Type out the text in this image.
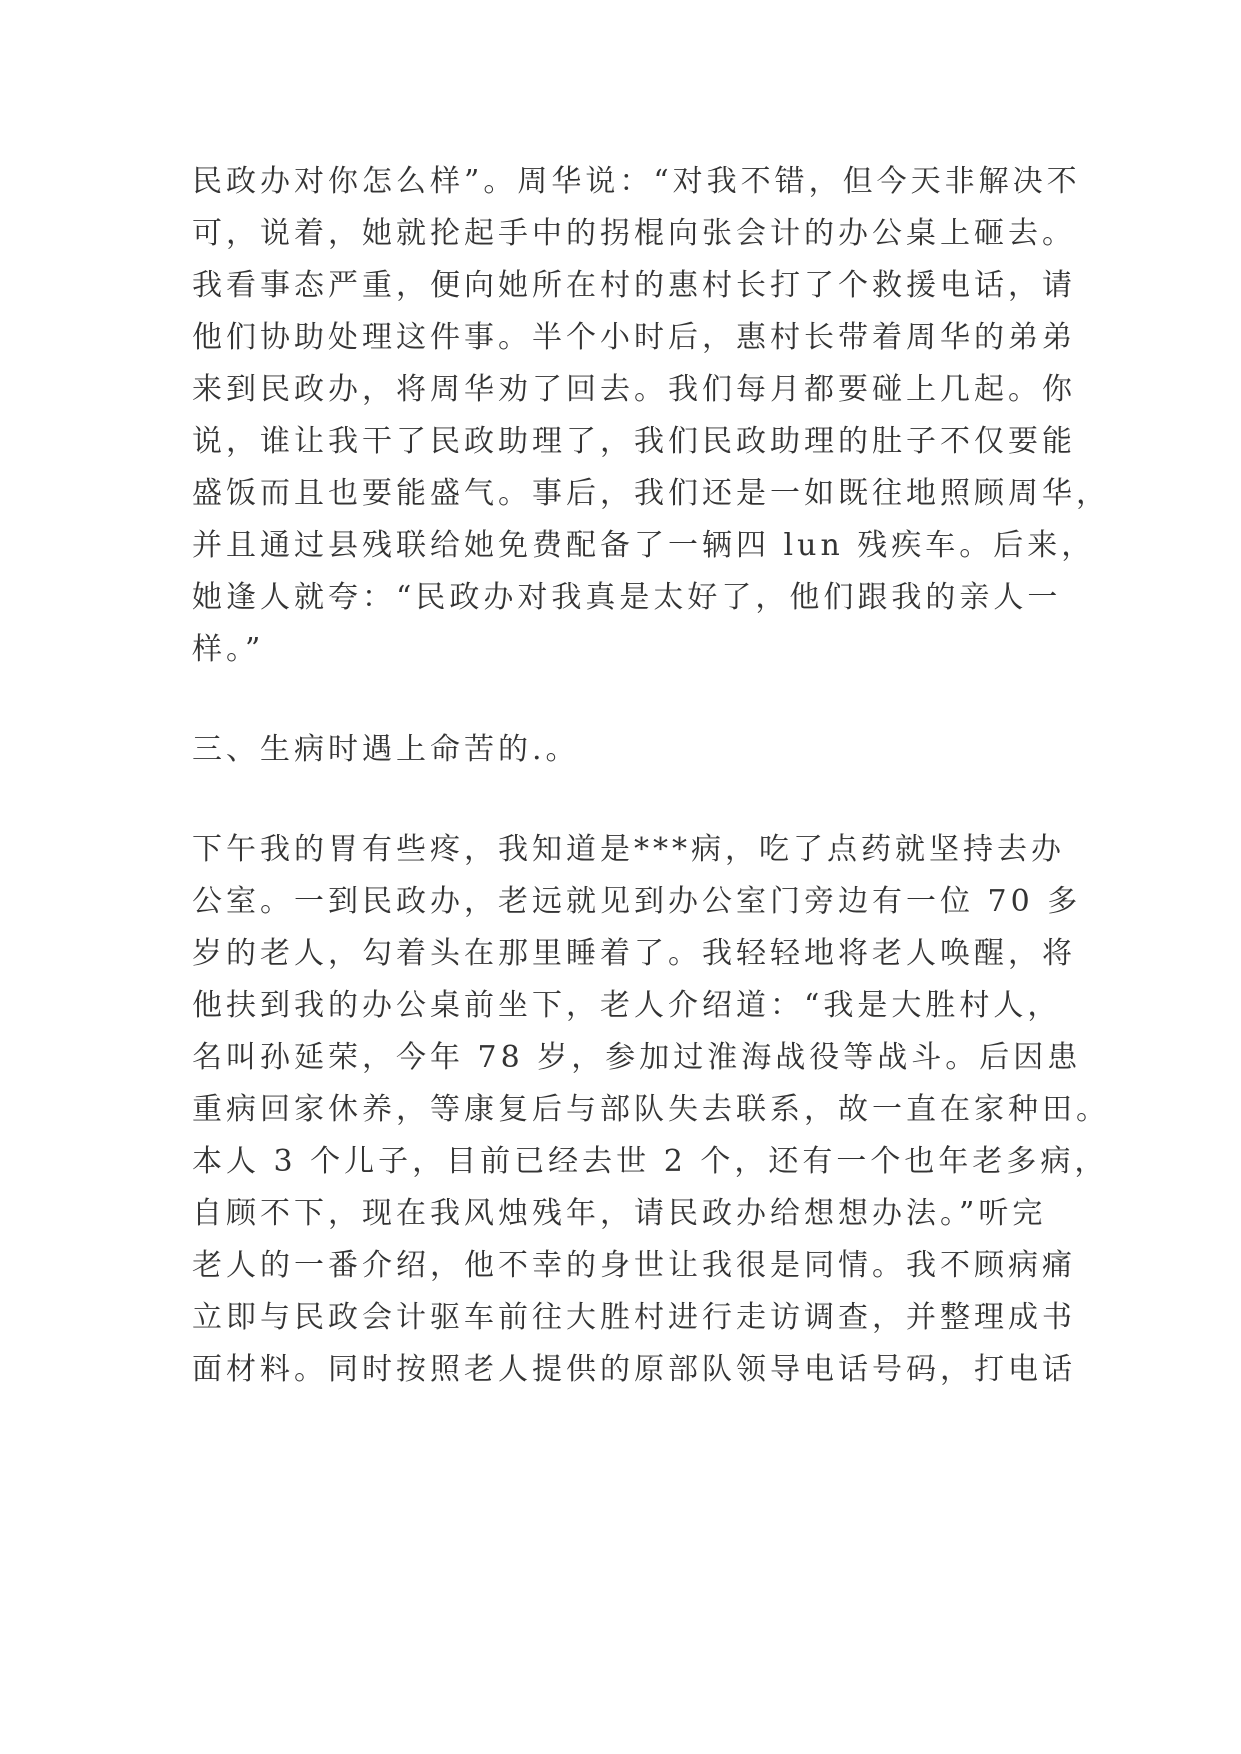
民政办对你怎么样”。周华说：“对我不错，但今天非解决不
可，说着，她就抡起手中的拐棍向张会计的办公桌上砸去。
我看事态严重，便向她所在村的惠村长打了个救援电话，请
他们协助处理这件事。半个小时后，惠村长带着周华的弟弟
来到民政办，将周华劝了回去。我们每月都要碰上几起。你
说，谁让我干了民政助理了，我们民政助理的肚子不仅要能
盛饭而且也要能盛气。事后，我们还是一如既往地照顾周华，
并且通过县残联给她免费配备了一辆四 lun 残疾车。后来，
她逢人就夸：“民政办对我真是太好了，他们跟我的亲人一
样。”
三、生病时遇上命苦的.。
下午我的胃有些疼，我知道是***病，吃了点药就坚持去办
公室。一到民政办，老远就见到办公室门旁边有一位 70 多
岁的老人，勾着头在那里睡着了。我轻轻地将老人唤醒，将
他扶到我的办公桌前坐下，老人介绍道：“我是大胜村人，
名叫孙延荣，今年 78 岁，参加过淮海战役等战斗。后因患
重病回家休养，等康复后与部队失去联系，故一直在家种田。
本人 3 个儿子，目前已经去世 2 个，还有一个也年老多病，
自顾不下，现在我风烛残年，请民政办给想想办法。”听完
老人的一番介绍，他不幸的身世让我很是同情。我不顾病痛
立即与民政会计驱车前往大胜村进行走访调查，并整理成书
面材料。同时按照老人提供的原部队领导电话号码，打电话
